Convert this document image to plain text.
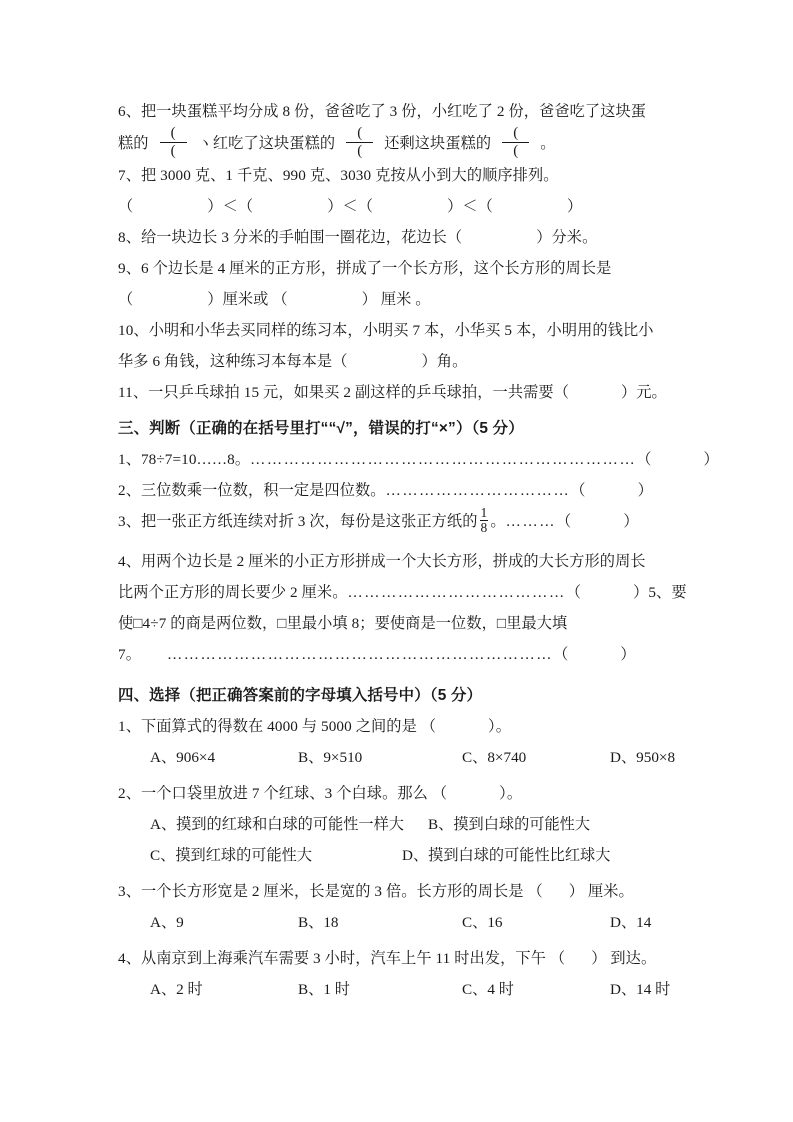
6、把一块蛋糕平均分成 8 份，爸爸吃了 3 份，小红吃了 2 份，爸爸吃了这块蛋
糕的 $\frac{(}{(}$ ヽ红吃了这块蛋糕的 $\frac{(}{(}$ 还剩这块蛋糕的 $\frac{(}{(}$ 。
7、把 3000 克、1 千克、990 克、3030 克按从小到大的顺序排列。
（	）＜（	）＜（	）＜（	）
8、给一块边长 3 分米的手帕围一圈花边，花边长（	）分米。
9、6 个边长是 4 厘米的正方形，拼成了一个长方形，这个长方形的周长是
（	）厘米或 （	） 厘米 。
10、小明和小华去买同样的练习本，小明买 7 本，小华买 5 本，小明用的钱比小
华多 6 角钱，这种练习本每本是（	）角。
11、一只乒乓球拍 15 元，如果买 2 副这样的乒乓球拍，一共需要（	）元。
三、判断（正确的在括号里打““√”，错误的打“×”）（5 分）
1、78÷7=10……8。……………………………………………………………（	）
2、三位数乘一位数，积一定是四位数。……………………………（	）
3、把一张正方纸连续对折 3 次，每份是这张正方纸的 $\frac{1}{8}$ 。………（	）
4、用两个边长是 2 厘米的小正方形拼成一个大长方形，拼成的大长方形的周长
比两个正方形的周长要少 2 厘米。…………………………………（	）5、要
使□4÷7 的商是两位数，□里最小填 8；要使商是一位数，□里最大填
7。 ……………………………………………………………（	）
四、选择（把正确答案前的字母填入括号中）（5 分）
1、下面算式的得数在 4000 与 5000 之间的是 （	）。
A、906×4	B、9×510	C、8×740	D、950×8
2、一个口袋里放进 7 个红球、3 个白球。那么 （	）。
A、摸到的红球和白球的可能性一样大 B、摸到白球的可能性大
C、摸到红球的可能性大	D、摸到白球的可能性比红球大
3、一个长方形宽是 2 厘米，长是宽的 3 倍。长方形的周长是 （ ） 厘米。
A、9	B、18	C、16	D、14
4、从南京到上海乘汽车需要 3 小时，汽车上午 11 时出发，下午 （ ） 到达。
A、2 时	B、1 时	C、4 时	D、14 时
